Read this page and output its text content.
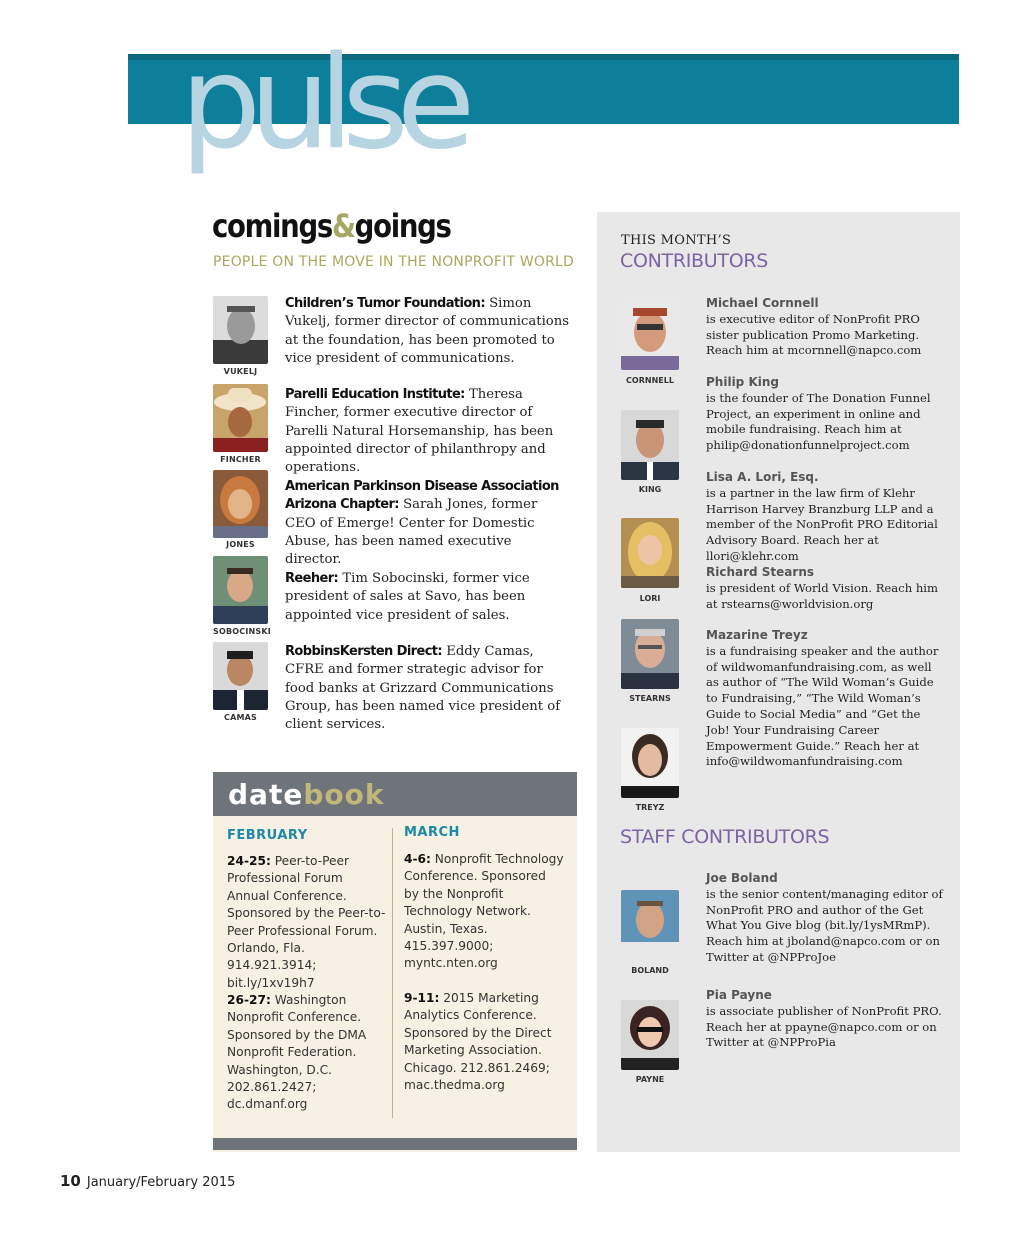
pulse
comings&goings
PEOPLE ON THE MOVE IN THE NONPROFIT WORLD
VUKELJ
Children’s Tumor Foundation: Simon Vukelj, former director of communications at the foundation, has been promoted to vice president of communications.
FINCHER
Parelli Education Institute: Theresa Fincher, former executive director of Parelli Natural Horsemanship, has been appointed director of philanthropy and operations.
JONES
American Parkinson Disease Association Arizona Chapter: Sarah Jones, former CEO of Emerge! Center for Domestic Abuse, has been named executive director.
SOBOCINSKI
Reeher: Tim Sobocinski, former vice president of sales at Savo, has been appointed vice president of sales.
CAMAS
RobbinsKersten Direct: Eddy Camas, CFRE and former strategic advisor for food banks at Grizzard Communications Group, has been named vice president of client services.
datebook
FEBRUARY
24-25: Peer-to-Peer Professional Forum Annual Conference. Sponsored by the Peer-to-Peer Professional Forum. Orlando, Fla. 914.921.3914; bit.ly/1xv19h7
26-27: Washington Nonprofit Conference. Sponsored by the DMA Nonprofit Federation. Washington, D.C. 202.861.2427; dc.dmanf.org
MARCH
4-6: Nonprofit Technology Conference. Sponsored by the Nonprofit Technology Network. Austin, Texas. 415.397.9000; myntc.nten.org
9-11: 2015 Marketing Analytics Conference. Sponsored by the Direct Marketing Association. Chicago. 212.861.2469; mac.thedma.org
THIS MONTH’S
CONTRIBUTORS
CORNNELL
Michael Cornnell
is executive editor of NonProfit PRO sister publication Promo Marketing. Reach him at mcornnell@napco.com
KING
Philip King
is the founder of The Donation Funnel Project, an experiment in online and mobile fundraising. Reach him at philip@donationfunnelproject.com
LORI
Lisa A. Lori, Esq.
is a partner in the law firm of Klehr Harrison Harvey Branzburg LLP and a member of the NonProfit PRO Editorial Advisory Board. Reach her at llori@klehr.com
STEARNS
Richard Stearns
is president of World Vision. Reach him at rstearns@worldvision.org
TREYZ
Mazarine Treyz
is a fundraising speaker and the author of wildwomanfundraising.com, as well as author of “The Wild Woman’s Guide to Fundraising,” “The Wild Woman’s Guide to Social Media” and “Get the Job! Your Fundraising Career Empowerment Guide.” Reach her at info@wildwomanfundraising.com
STAFF CONTRIBUTORS
BOLAND
Joe Boland
is the senior content/managing editor of NonProfit PRO and author of the Get What You Give blog (bit.ly/1ysMRmP). Reach him at jboland@napco.com or on Twitter at @NPProJoe
PAYNE
Pia Payne
is associate publisher of NonProfit PRO. Reach her at ppayne@napco.com or on Twitter at @NPProPia
10 January/February 2015
